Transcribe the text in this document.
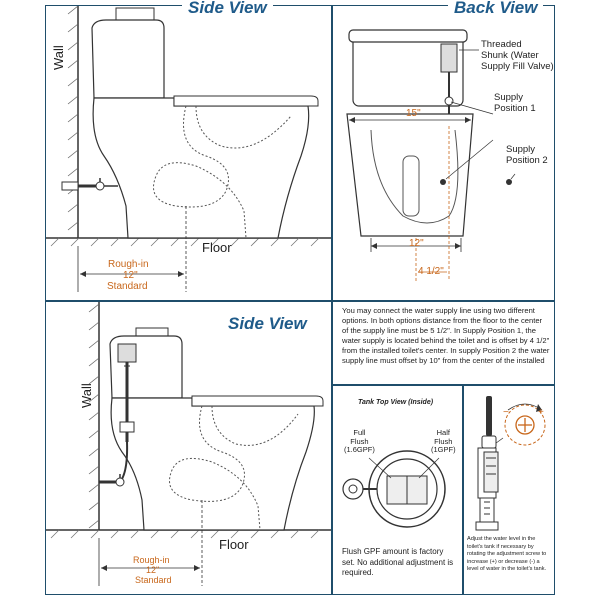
Side View
Wall
Floor
Rough-in
12"
Standard
Back View
Threaded
Shunk (Water
Supply Fill Valve)
Supply
Position 1
Supply
Position 2
15"
12"
4 1/2"
You may connect the water supply line using two different options. In both options distance from the floor to the center of the supply line must be 5 1/2". In Supply Position 1, the water supply is located behind the toilet and is offset by 4 1/2" from the installed toilet's center. In supply Position 2 the water supply line must offset by 10" from the center of the installed
Side View
Wall
Floor
Rough-in
12"
Standard
Tank Top View (Inside)
Full
Flush
(1.6GPF)
Half
Flush
(1GPF)
Flush GPF amount is factory set. No additional adjustment is required.
−	+
Adjust the water level in the toilet's tank if necessary by rotating the adjustment screw to increase (+) or decrease (-) a level of water in the toilet's tank.
